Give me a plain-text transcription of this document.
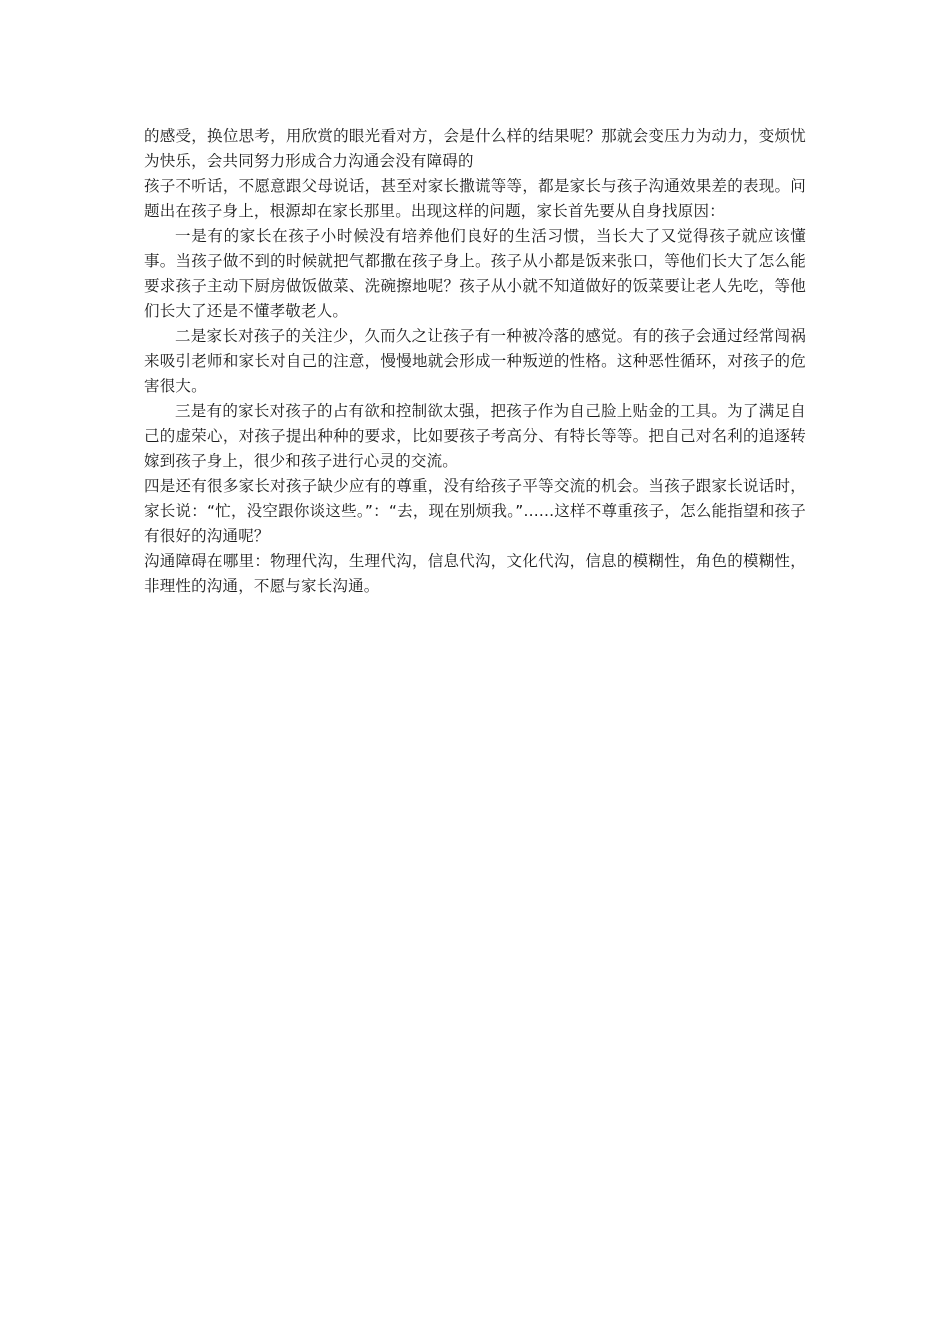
的感受，换位思考，用欣赏的眼光看对方，会是什么样的结果呢？那就会变压力为动力，变烦忧为快乐，会共同努力形成合力沟通会没有障碍的

孩子不听话，不愿意跟父母说话，甚至对家长撒谎等等，都是家长与孩子沟通效果差的表现。问题出在孩子身上，根源却在家长那里。出现这样的问题，家长首先要从自身找原因：

一是有的家长在孩子小时候没有培养他们良好的生活习惯，当长大了又觉得孩子就应该懂事。当孩子做不到的时候就把气都撒在孩子身上。孩子从小都是饭来张口，等他们长大了怎么能要求孩子主动下厨房做饭做菜、洗碗擦地呢？孩子从小就不知道做好的饭菜要让老人先吃，等他们长大了还是不懂孝敬老人。

二是家长对孩子的关注少，久而久之让孩子有一种被冷落的感觉。有的孩子会通过经常闯祸来吸引老师和家长对自己的注意，慢慢地就会形成一种叛逆的性格。这种恶性循环，对孩子的危害很大。

三是有的家长对孩子的占有欲和控制欲太强，把孩子作为自己脸上贴金的工具。为了满足自己的虚荣心，对孩子提出种种的要求，比如要孩子考高分、有特长等等。把自己对名利的追逐转嫁到孩子身上，很少和孩子进行心灵的交流。

四是还有很多家长对孩子缺少应有的尊重，没有给孩子平等交流的机会。当孩子跟家长说话时，家长说：“忙，没空跟你谈这些。”：“去，现在别烦我。”......这样不尊重孩子，怎么能指望和孩子有很好的沟通呢？

沟通障碍在哪里：物理代沟，生理代沟，信息代沟，文化代沟，信息的模糊性，角色的模糊性，非理性的沟通，不愿与家长沟通。
